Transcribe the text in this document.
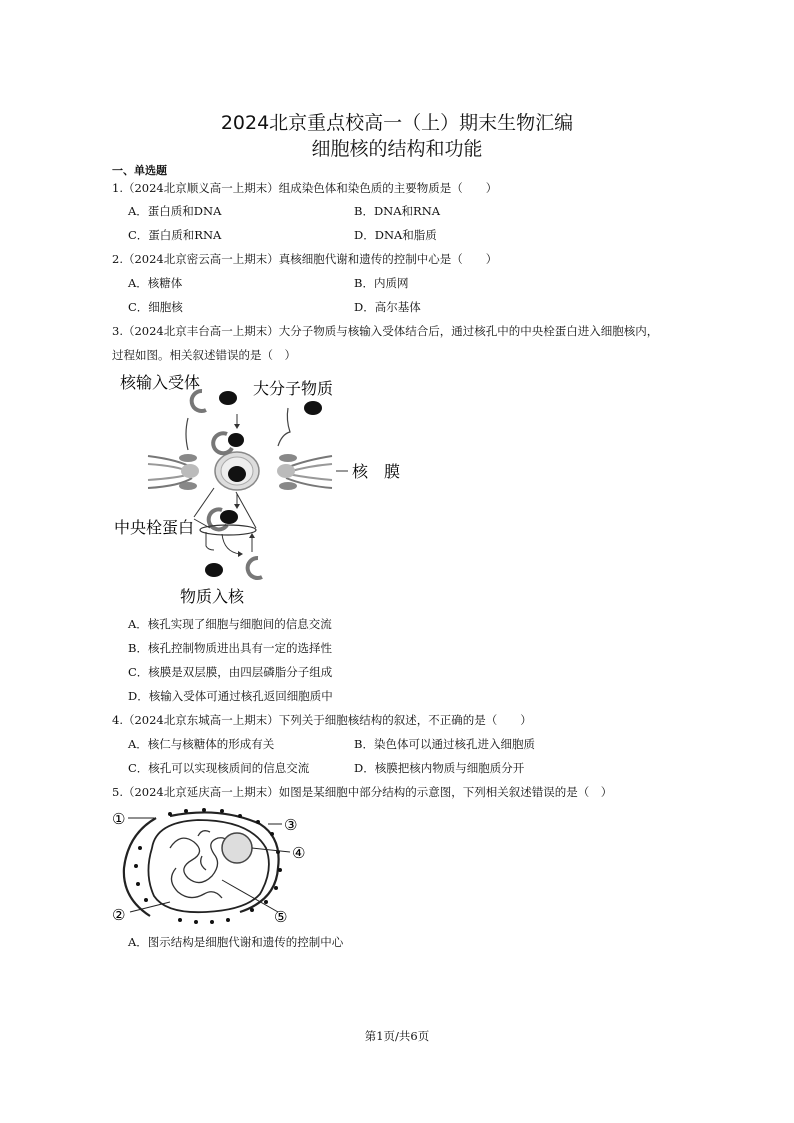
2024北京重点校高一（上）期末生物汇编
细胞核的结构和功能
一、单选题
1.（2024北京顺义高一上期末）组成染色体和染色质的主要物质是（　　）
A．蛋白质和DNA	B．DNA和RNA
C．蛋白质和RNA	D．DNA和脂质
2.（2024北京密云高一上期末）真核细胞代谢和遗传的控制中心是（　　）
A．核糖体	B．内质网
C．细胞核	D．高尔基体
3.（2024北京丰台高一上期末）大分子物质与核输入受体结合后，通过核孔中的中央栓蛋白进入细胞核内，
过程如图。相关叙述错误的是（　）
核输入受体	大分子物质
核　膜
中央栓蛋白
物质入核
A．核孔实现了细胞与细胞间的信息交流
B．核孔控制物质进出具有一定的选择性
C．核膜是双层膜，由四层磷脂分子组成
D．核输入受体可通过核孔返回细胞质中
4.（2024北京东城高一上期末）下列关于细胞核结构的叙述，不正确的是（　　）
A．核仁与核糖体的形成有关	B．染色体可以通过核孔进入细胞质
C．核孔可以实现核质间的信息交流	D．核膜把核内物质与细胞质分开
5.（2024北京延庆高一上期末）如图是某细胞中部分结构的示意图，下列相关叙述错误的是（　）
①
②
③
④
⑤
A．图示结构是细胞代谢和遗传的控制中心
第1页/共6页
